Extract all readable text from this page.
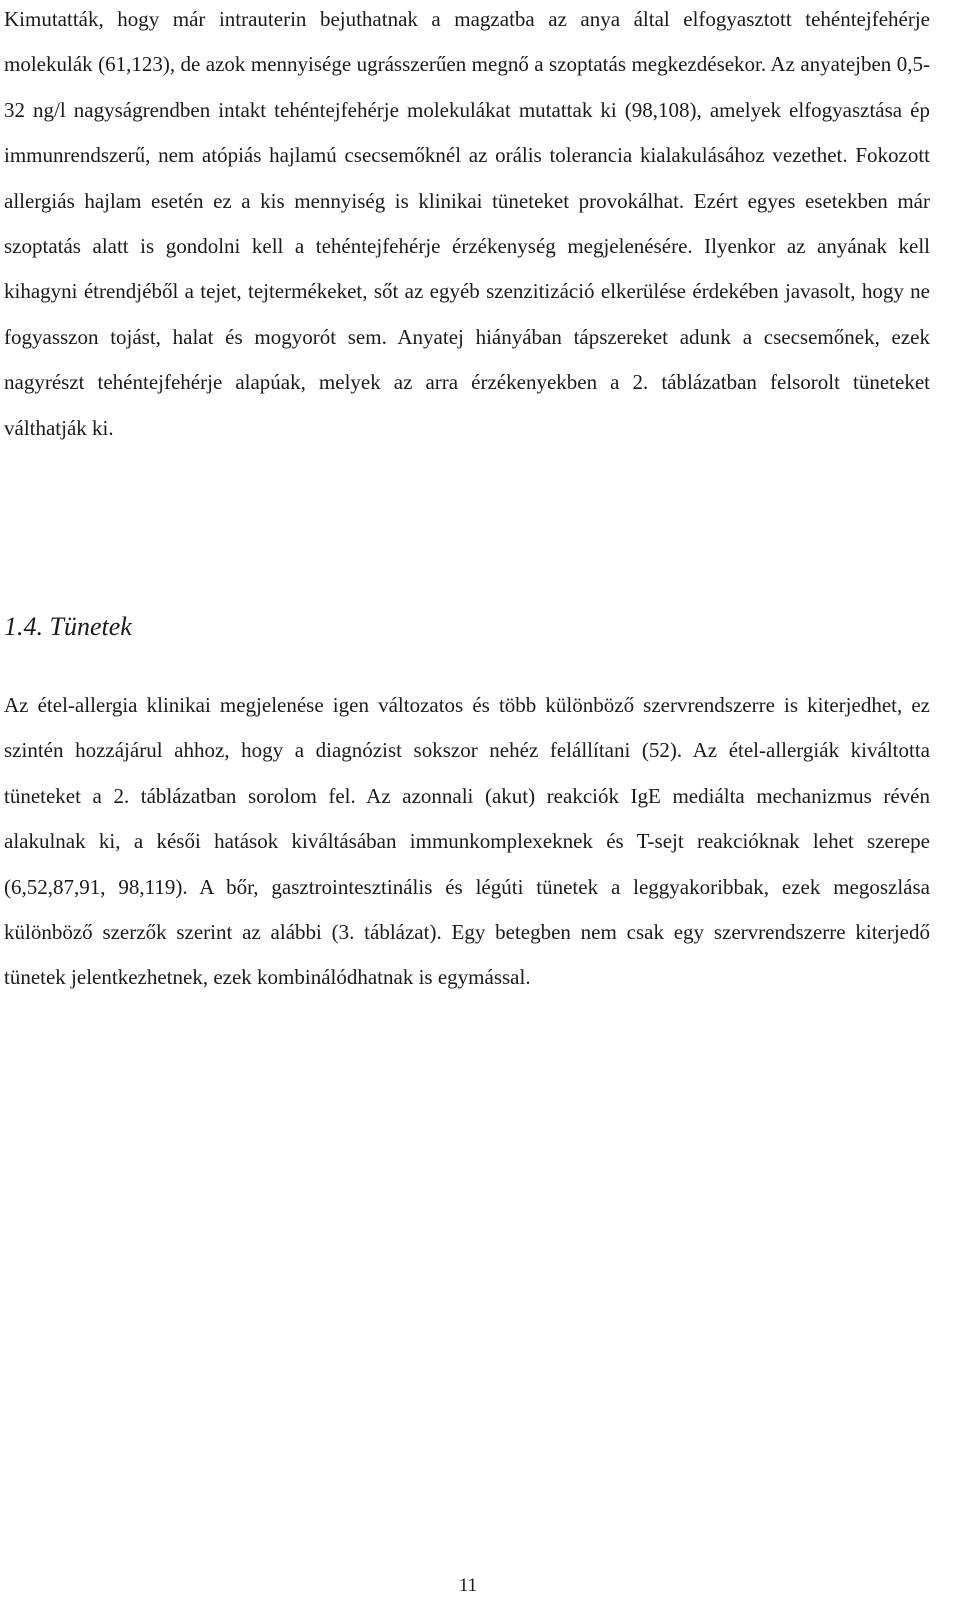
Kimutatták, hogy már intrauterin bejuthatnak a magzatba az anya által elfogyasztott tehéntejfehérje molekulák (61,123), de azok mennyisége ugrásszerűen megnő a szoptatás megkezdésekor. Az anyatejben 0,5-32 ng/l nagyságrendben intakt tehéntejfehérje molekulákat mutattak ki (98,108), amelyek elfogyasztása ép immunrendszerű, nem atópiás hajlamú csecsemőknél az orális tolerancia kialakulásához vezethet. Fokozott allergiás hajlam esetén ez a kis mennyiség is klinikai tüneteket provokálhat. Ezért egyes esetekben már szoptatás alatt is gondolni kell a tehéntejfehérje érzékenység megjelenésére. Ilyenkor az anyának kell kihagyni étrendjéből a tejet, tejtermékeket, sőt az egyéb szenzitizáció elkerülése érdekében javasolt, hogy ne fogyasszon tojást, halat és mogyorót sem. Anyatej hiányában tápszereket adunk a csecsemőnek, ezek nagyrészt tehéntejfehérje alapúak, melyek az arra érzékenyekben a 2. táblázatban felsorolt tüneteket válthatják ki.

1.4. Tünetek

Az étel-allergia klinikai megjelenése igen változatos és több különböző szervrendszerre is kiterjedhet, ez szintén hozzájárul ahhoz, hogy a diagnózist sokszor nehéz felállítani (52). Az étel-allergiák kiváltotta tüneteket a 2. táblázatban sorolom fel. Az azonnali (akut) reakciók IgE mediálta mechanizmus révén alakulnak ki, a késői hatások kiváltásában immunkomplexeknek és T-sejt reakcióknak lehet szerepe (6,52,87,91, 98,119). A bőr, gasztrointesztinális és légúti tünetek a leggyakoribbak, ezek megoszlása különböző szerzők szerint az alábbi (3. táblázat). Egy betegben nem csak egy szervrendszerre kiterjedő tünetek jelentkezhetnek, ezek kombinálódhatnak is egymással.

11
